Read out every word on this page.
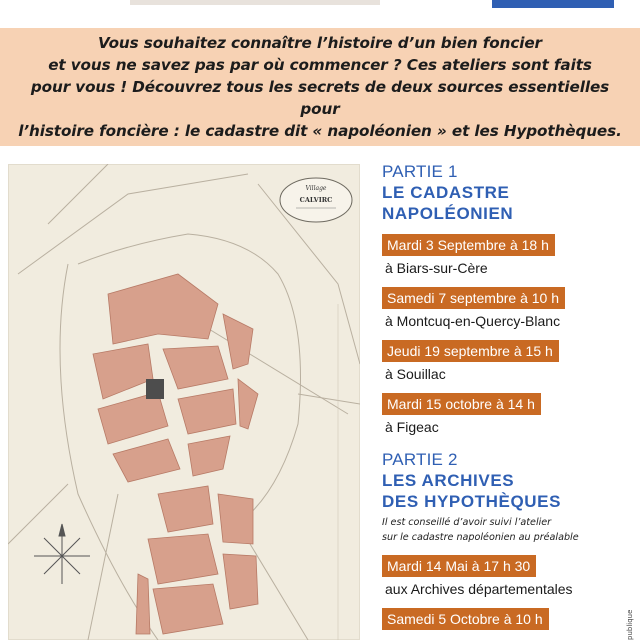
Vous souhaitez connaître l’histoire d’un bien foncier

et vous ne savez pas par où commencer ? Ces ateliers sont faits

pour vous ! Découvrez tous les secrets de deux sources essentielles pour

l’histoire foncière : le cadastre dit « napoléonien » et les Hypothèques.

Village
CALVIRC
PARTIE 1
LE CADASTRE
NAPOLÉONIEN
Mardi 3 Septembre à 18 h
à Biars-sur-Cère
Samedi 7 septembre à 10 h
à Montcuq-en-Quercy-Blanc
Jeudi 19 septembre à 15 h
à Souillac
Mardi 15 octobre à 14 h
à Figeac
PARTIE 2
LES ARCHIVES
DES HYPOTHÈQUES
Il est conseillé d’avoir suivi l’atelier
sur le cadastre napoléonien au préalable
Mardi 14 Mai à 17 h 30
aux Archives départementales
Samedi 5 Octobre à 10 h	publique
